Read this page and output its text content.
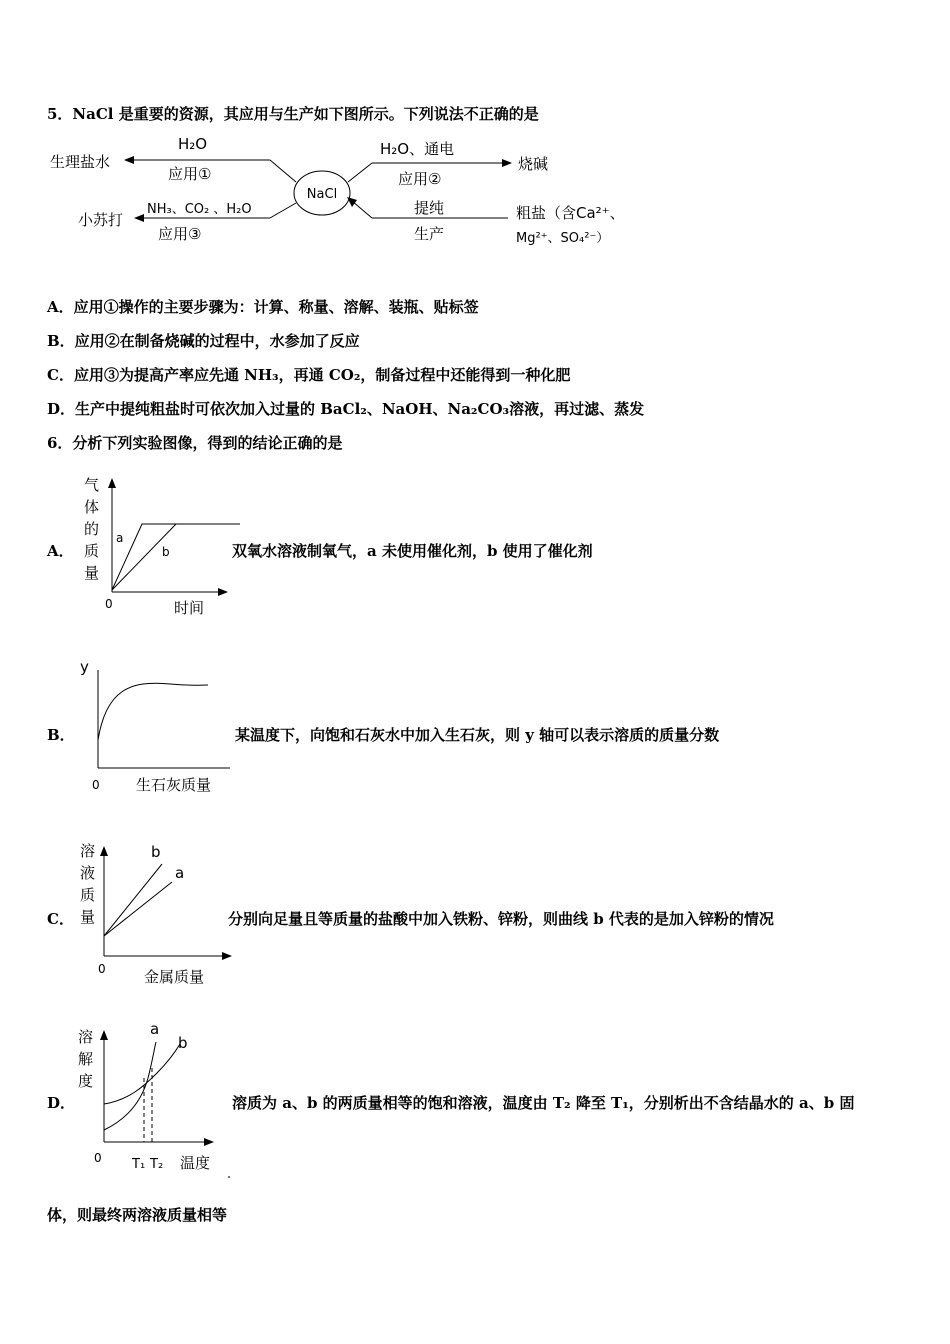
5．NaCl 是重要的资源，其应用与生产如下图所示。下列说法不正确的是
NaCl
生理盐水
H₂O
应用①
小苏打
NH₃、CO₂ 、H₂O
应用③
烧碱
H₂O、通电
应用②
粗盐（含Ca²⁺、
Mg²⁺、SO₄²⁻）
提纯
生产
A．应用①操作的主要步骤为：计算、称量、溶解、装瓶、贴标签
B．应用②在制备烧碱的过程中，水参加了反应
C．应用③为提高产率应先通 NH₃，再通 CO₂，制备过程中还能得到一种化肥
D．生产中提纯粗盐时可依次加入过量的 BaCl₂、NaOH、Na₂CO₃溶液，再过滤、蒸发
6．分析下列实验图像，得到的结论正确的是
A．
a
b
0	时间
气
体
的
质
量
双氧水溶液制氧气，a 未使用催化剂，b 使用了催化剂
B．
y
0 生石灰质量
某温度下，向饱和石灰水中加入生石灰，则 y 轴可以表示溶质的质量分数
C．
b
a
0	金属质量
溶
液
质
量	分别向足量且等质量的盐酸中加入铁粉、锌粉，则曲线 b 代表的是加入锌粉的情况
D．
a
b
0 T₁ T₂ 温度
溶
解
度
溶质为 a、b 的两质量相等的饱和溶液，温度由 T₂ 降至 T₁，分别析出不含结晶水的 a、b 固
体，则最终两溶液质量相等
